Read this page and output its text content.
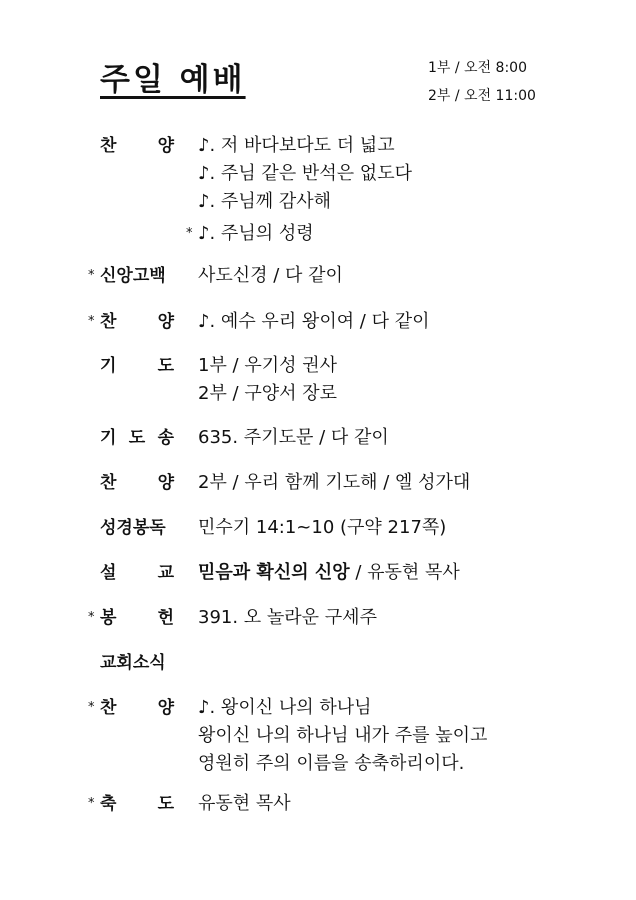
주일 예배	1부 / 오전 8:00
2부 / 오전 11:00
찬 양 ♪. 저 바다보다도 더 넓고
♪. 주님 같은 반석은 없도다
♪. 주님께 감사해
♪. 주님의 성령
*
* 신앙고백 사도신경 / 다 같이
* 찬 양 ♪. 예수 우리 왕이여 / 다 같이
기 도 1부 / 우기성 권사
2부 / 구양서 장로
기 도 송 635. 주기도문 / 다 같이
찬 양 2부 / 우리 함께 기도해 / 엘 성가대
성경봉독 민수기 14:1~10 (구약 217쪽)
설 교 믿음과 확신의 신앙 / 유동현 목사
* 봉 헌 391. 오 놀라운 구세주
교회소식
* 찬 양 ♪. 왕이신 나의 하나님
왕이신 나의 하나님 내가 주를 높이고
영원히 주의 이름을 송축하리이다.
* 축 도 유동현 목사
